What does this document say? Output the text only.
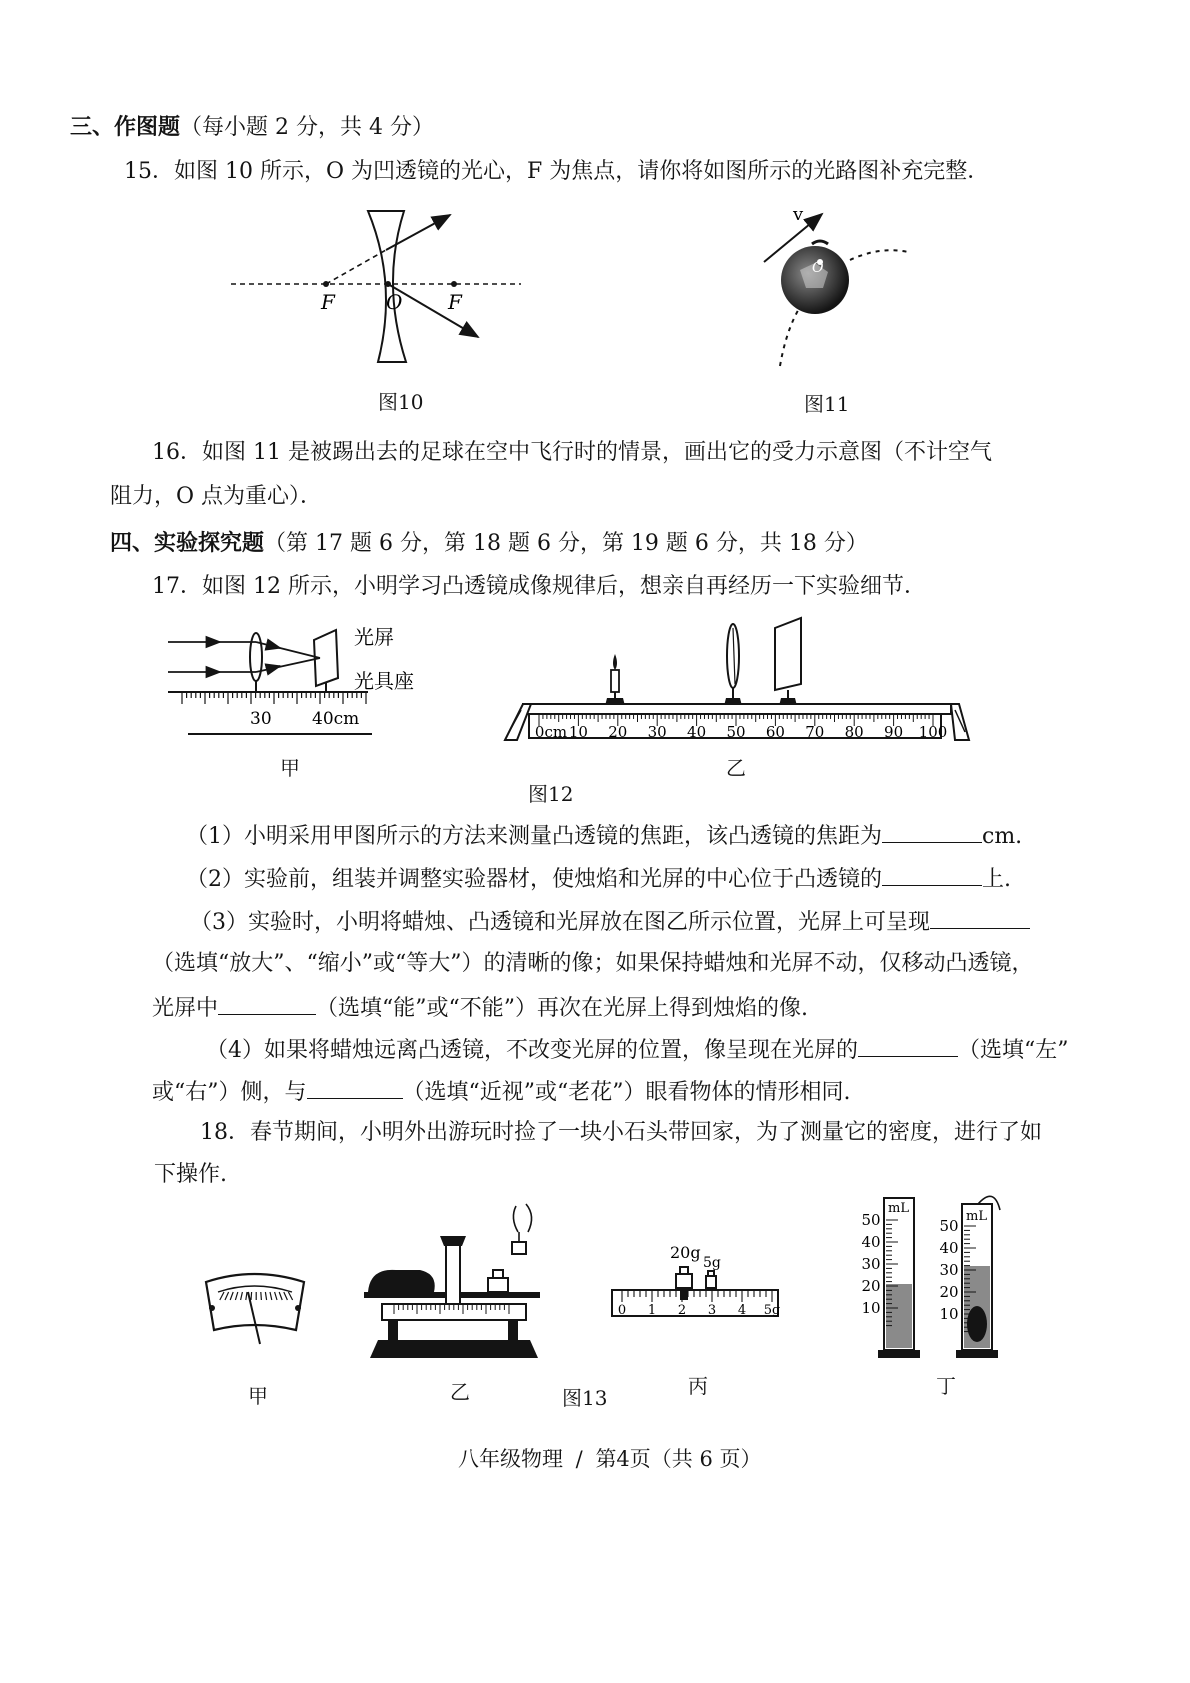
三、作图题（每小题 2 分，共 4 分）
15．如图 10 所示，O 为凹透镜的光心，F 为焦点，请你将如图所示的光路图补充完整．
F	O F
图10
v
O
图11
16．如图 11 是被踢出去的足球在空中飞行时的情景，画出它的受力示意图（不计空气
阻力，O 点为重心）．
四、实验探究题（第 17 题 6 分，第 18 题 6 分，第 19 题 6 分，共 18 分）
17．如图 12 所示，小明学习凸透镜成像规律后，想亲自再经历一下实验细节．
30 40cm
光屏
光具座
甲
0cm 10 20 30 40 50 60 70 80 90 100
乙
图12
（1）小明采用甲图所示的方法来测量凸透镜的焦距，该凸透镜的焦距为	cm.
（2）实验前，组装并调整实验器材，使烛焰和光屏的中心位于凸透镜的	上.
（3）实验时，小明将蜡烛、凸透镜和光屏放在图乙所示位置，光屏上可呈现
（选填“放大”、“缩小”或“等大”）的清晰的像；如果保持蜡烛和光屏不动，仅移动凸透镜，
光屏中	（选填“能”或“不能”）再次在光屏上得到烛焰的像.
（4）如果将蜡烛远离凸透镜，不改变光屏的位置，像呈现在光屏的	（选填“左”
或“右”）侧，与	（选填“近视”或“老花”）眼看物体的情形相同.
18．春节期间，小明外出游玩时捡了一块小石头带回家，为了测量它的密度，进行了如
下操作.
甲	乙
20g
5g
0 1 2 3 4 5g
丙
图13
mL
mL
50	50
40	40
30	30
20	20
10	10
丁
八年级物理 / 第4页（共 6 页）
